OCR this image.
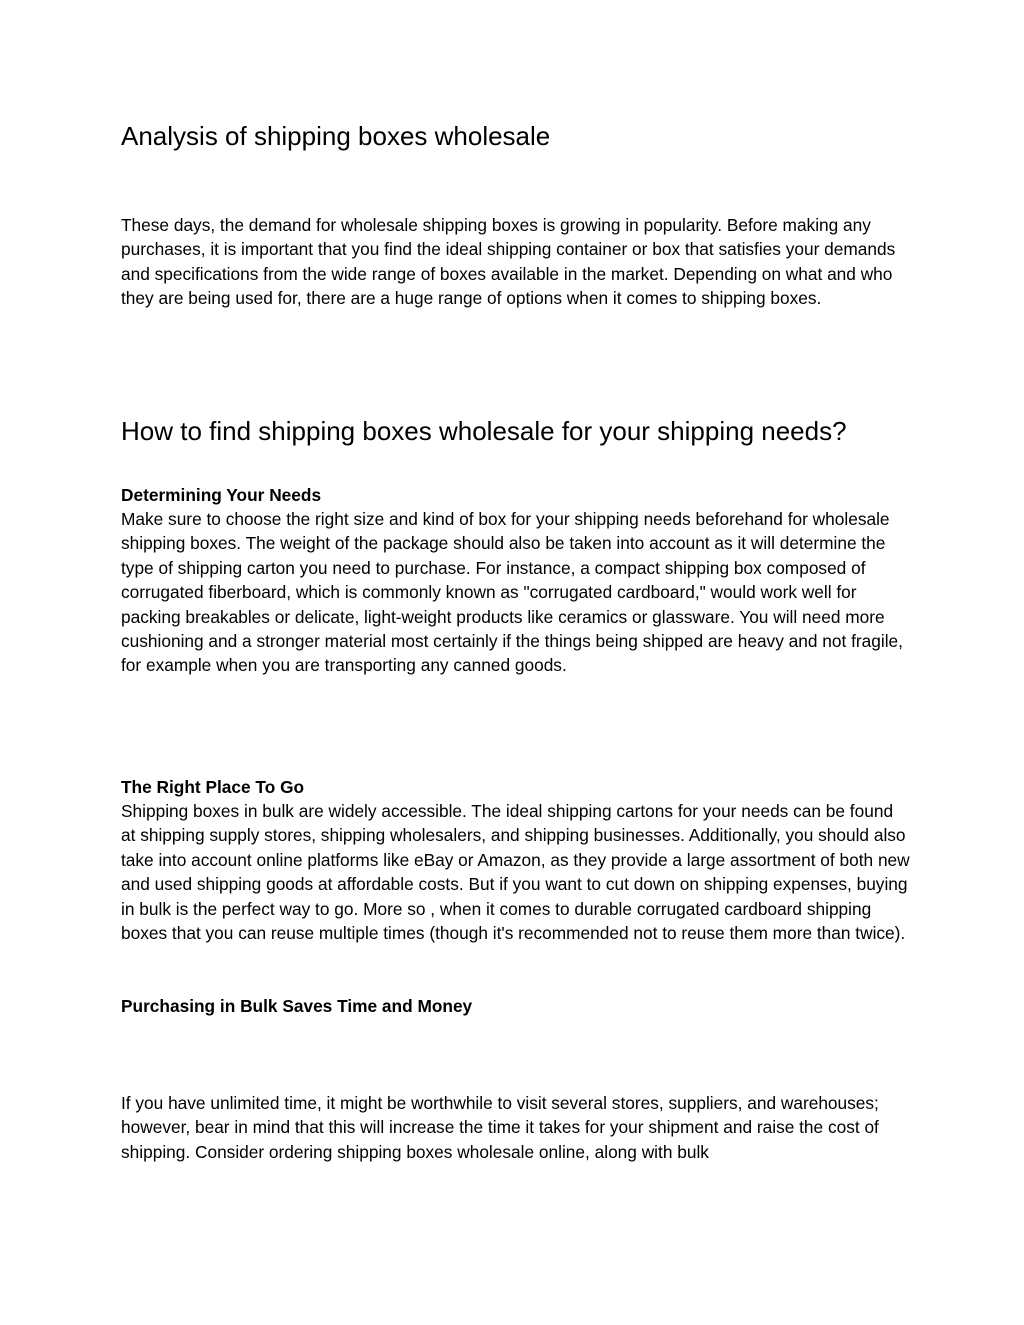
Analysis of shipping boxes wholesale

These days, the demand for wholesale shipping boxes is growing in popularity. Before making any purchases, it is important that you find the ideal shipping container or box that satisfies your demands and specifications from the wide range of boxes available in the market. Depending on what and who they are being used for, there are a huge range of options when it comes to shipping boxes.

How to find shipping boxes wholesale for your shipping needs?
Determining Your Needs

Make sure to choose the right size and kind of box for your shipping needs beforehand for wholesale shipping boxes. The weight of the package should also be taken into account as it will determine the type of shipping carton you need to purchase. For instance, a compact shipping box composed of corrugated fiberboard, which is commonly known as "corrugated cardboard," would work well for packing breakables or delicate, light-weight products like ceramics or glassware. You will need more cushioning and a stronger material most certainly if the things being shipped are heavy and not fragile, for example when you are transporting any canned goods.

The Right Place To Go

Shipping boxes in bulk are widely accessible. The ideal shipping cartons for your needs can be found at shipping supply stores, shipping wholesalers, and shipping businesses. Additionally, you should also take into account online platforms like eBay or Amazon, as they provide a large assortment of both new and used shipping goods at affordable costs. But if you want to cut down on shipping expenses, buying in bulk is the perfect way to go. More so , when it comes to durable corrugated cardboard shipping boxes that you can reuse multiple times (though it's recommended not to reuse them more than twice).

Purchasing in Bulk Saves Time and Money

If you have unlimited time, it might be worthwhile to visit several stores, suppliers, and warehouses; however, bear in mind that this will increase the time it takes for your shipment and raise the cost of shipping. Consider ordering shipping boxes wholesale online, along with bulk
